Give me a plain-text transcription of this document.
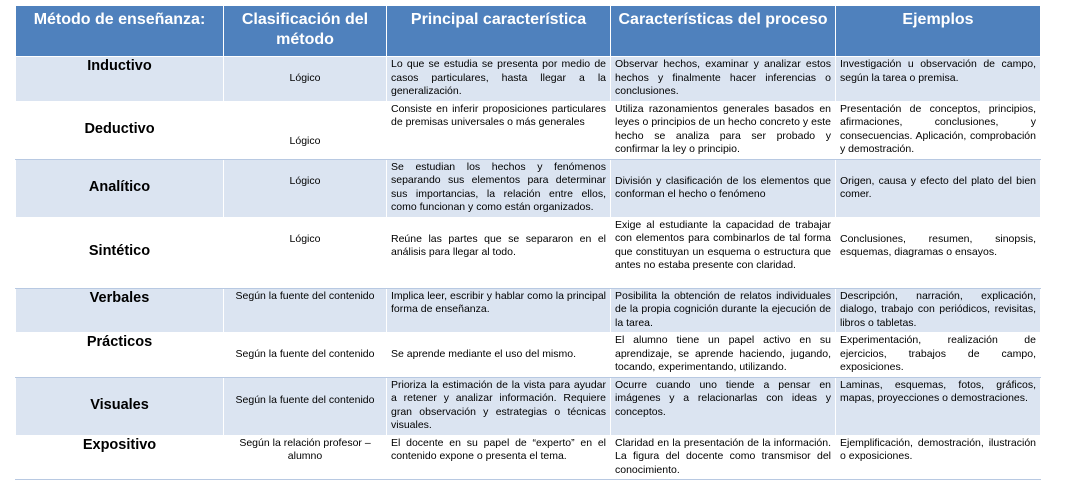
Método de enseñanza:	Clasificación del método	Principal característica	Características del proceso	Ejemplos
Inductivo	Lógico	Lo que se estudia se presenta por medio de casos particulares, hasta llegar a la generalización.	Observar hechos, examinar y analizar estos hechos y finalmente hacer inferencias o conclusiones.	Investigación u observación de campo, según la tarea o premisa.
Deductivo	Lógico	Consiste en inferir proposiciones particulares de premisas universales o más generales	Utiliza razonamientos generales basados en leyes o principios de un hecho concreto y este hecho se analiza para ser probado y confirmar la ley o principio.	Presentación de conceptos, principios, afirmaciones, conclusiones, y consecuencias. Aplicación, comprobación y demostración.
Analítico	Lógico	Se estudian los hechos y fenómenos separando sus elementos para determinar sus importancias, la relación entre ellos, como funcionan y como están organizados.	División y clasificación de los elementos que conforman el hecho o fenómeno	Origen, causa y efecto del plato del bien comer.
Sintético	Lógico	Reúne las partes que se separaron en el análisis para llegar al todo.	Exige al estudiante la capacidad de trabajar con elementos para combinarlos de tal forma que constituyan un esquema o estructura que antes no estaba presente con claridad.	Conclusiones, resumen, sinopsis, esquemas, diagramas o ensayos.
Verbales	Según la fuente del contenido	Implica leer, escribir y hablar como la principal forma de enseñanza.	Posibilita la obtención de relatos individuales de la propia cognición durante la ejecución de la tarea.	Descripción, narración, explicación, dialogo, trabajo con periódicos, revisitas, libros o tabletas.
Prácticos	Según la fuente del contenido	Se aprende mediante el uso del mismo.	El alumno tiene un papel activo en su aprendizaje, se aprende haciendo, jugando, tocando, experimentando, utilizando.	Experimentación, realización de ejercicios, trabajos de campo, exposiciones.
Visuales	Según la fuente del contenido	Prioriza la estimación de la vista para ayudar a retener y analizar información. Requiere gran observación y estrategias o técnicas visuales.	Ocurre cuando uno tiende a pensar en imágenes y a relacionarlas con ideas y conceptos.	Laminas, esquemas, fotos, gráficos, mapas, proyecciones o demostraciones.
Expositivo	Según la relación profesor – alumno	El docente en su papel de “experto” en el contenido expone o presenta el tema.	Claridad en la presentación de la información. La figura del docente como transmisor del conocimiento.	Ejemplificación, demostración, ilustración o exposiciones.
